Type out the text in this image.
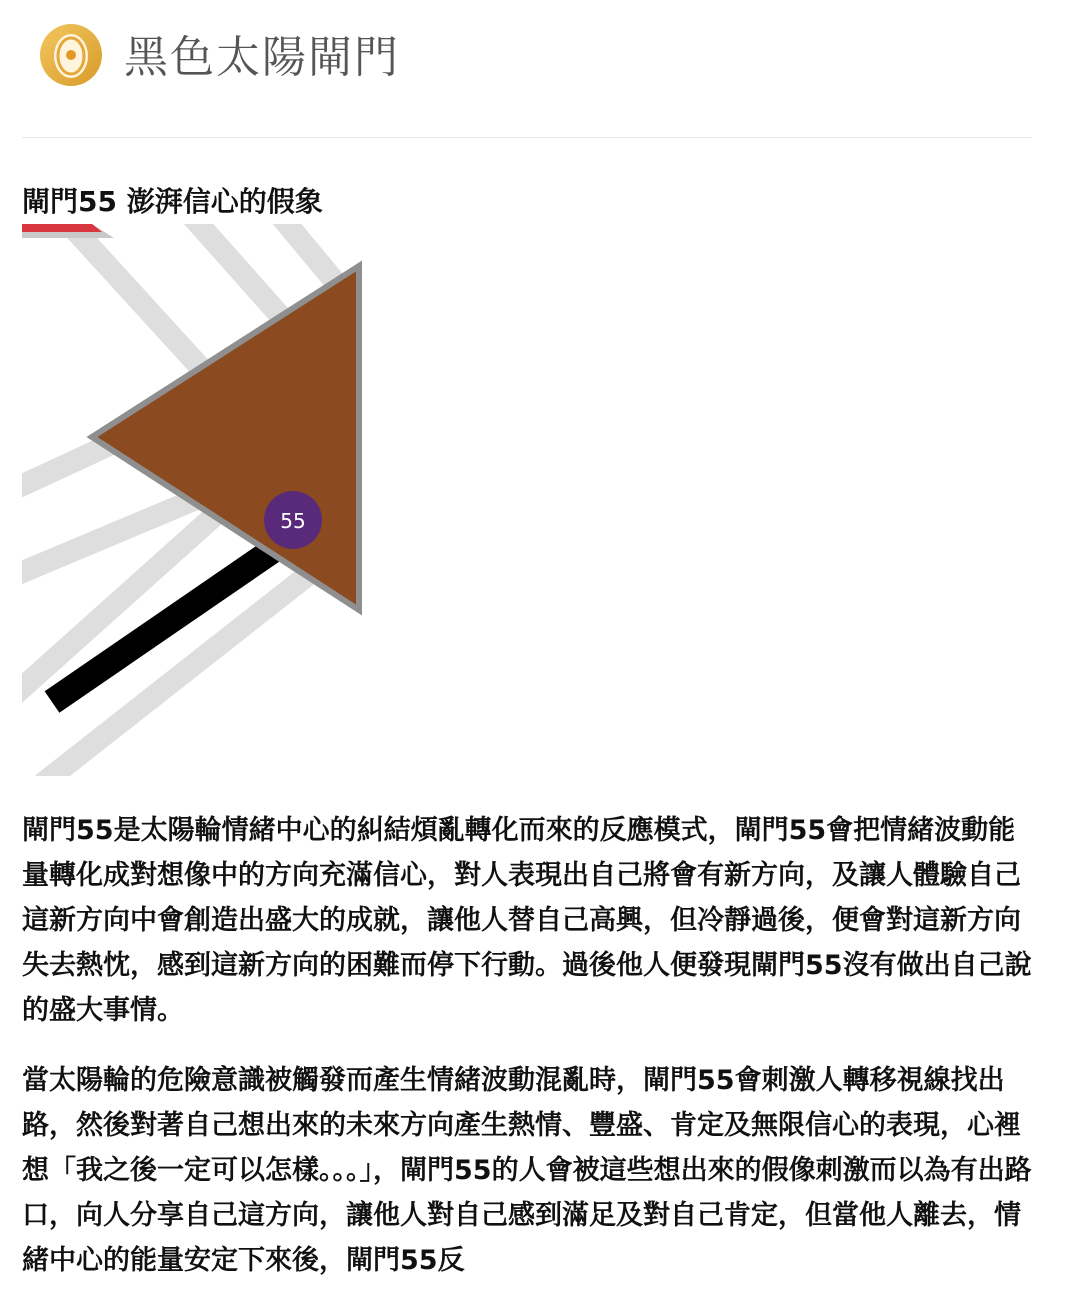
黑色太陽閘門
閘門55 澎湃信心的假象
55

閘門55是太陽輪情緒中心的糾結煩亂轉化而來的反應模式，閘門55會把情緒波動能量轉化成對想像中的方向充滿信心，對人表現出自己將會有新方向，及讓人體驗自己這新方向中會創造出盛大的成就，讓他人替自己高興，但冷靜過後，便會對這新方向失去熱忱，感到這新方向的困難而停下行動。過後他人便發現閘門55沒有做出自己說的盛大事情。

當太陽輪的危險意識被觸發而產生情緒波動混亂時，閘門55會刺激人轉移視線找出路，然後對著自己想出來的未來方向產生熱情、豐盛、肯定及無限信心的表現，心裡想「我之後一定可以怎樣。。。」，閘門55的人會被這些想出來的假像刺激而以為有出路口，向人分享自己這方向，讓他人對自己感到滿足及對自己肯定，但當他人離去，情緒中心的能量安定下來後，閘門55反
